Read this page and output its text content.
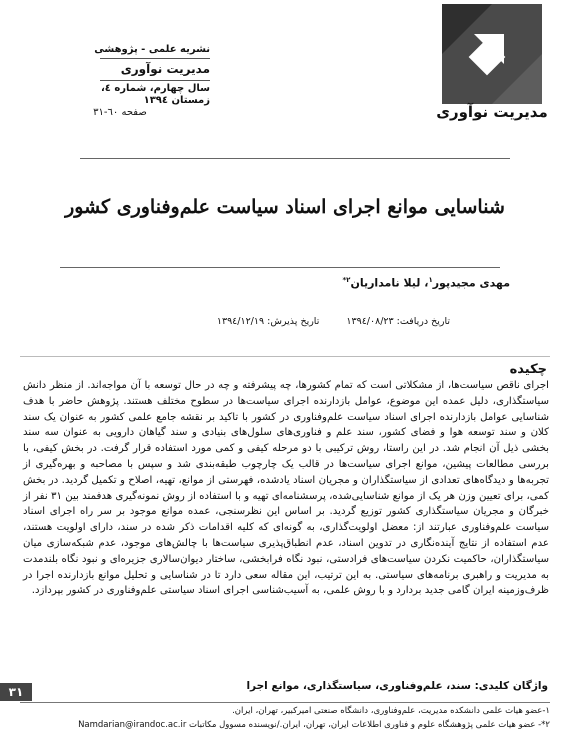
مدیریت نوآوری
نشریه علمی - پژوهشی
مدیریت نوآوری
سال چهارم، شماره ٤، زمستان ١٣٩٤
صفحه ٦٠-٣١
شناسایی موانع اجرای اسناد سیاست علم‌وفناوری کشور
مهدی مجیدپور$^۱$، لیلا نامداریان$^{۲*}$
تاریخ دریافت: ١٣٩٤/٠٨/٢٣ تاریخ پذیرش: ١٣٩٤/١٢/١٩
چکیده

اجرای ناقص سیاست‌ها، از مشکلاتی است که تمام کشورها، چه پیشرفته و چه در حال توسعه با آن مواجه‌اند. از منظر دانش سیاستگذاری، دلیل عمده این موضوع، عوامل بازدارنده اجرای سیاست‌ها در سطوح مختلف هستند. پژوهش حاضر با هدف شناسایی عوامل بازدارنده اجرای اسناد سیاست علم‌وفناوری در کشور با تاکید بر نقشه جامع علمی کشور به عنوان یک سند کلان و سند توسعه هوا و فضای کشور، سند علم و فناوری‌های سلول‌های بنیادی و سند گیاهان دارویی به عنوان سه سند بخشی ذیل آن انجام شد. در این راستا، روش ترکیبی با دو مرحله کیفی و کمی مورد استفاده قرار گرفت. در بخش کیفی، با بررسی مطالعات پیشین، موانع اجرای سیاست‌ها در قالب یک چارچوب طبقه‌بندی شد و سپس با مصاحبه و بهره‌گیری از تجربه‌ها و دیدگاه‌های تعدادی از سیاستگذاران و مجریان اسناد یادشده، فهرستی از موانع، تهیه، اصلاح و تکمیل گردید. در بخش کمی، برای تعیین وزن هر یک از موانع شناسایی‌شده، پرسشنامه‌ای تهیه و با استفاده از روش نمونه‌گیری هدفمند بین ٣١ نفر از خبرگان و مجریان سیاستگذاری کشور توزیع گردید. بر اساس این نظرسنجی، عمده موانع موجود بر سر راه اجرای اسناد سیاست علم‌وفناوری عبارتند از: معضل اولویت‌گذاری، به گونه‌ای که کلیه اقدامات ذکر شده در سند، دارای اولویت هستند، عدم استفاده از نتایج آینده‌نگاری در تدوین اسناد، عدم انطباق‌پذیری سیاست‌ها با چالش‌های موجود، عدم شبکه‌سازی میان سیاستگذاران، حاکمیت نکردن سیاست‌های فرادستی، نبود نگاه فرابخشی، ساختار دیوان‌سالاری جزیره‌ای و نبود نگاه بلندمدت به مدیریت و راهبری برنامه‌های سیاستی. به این ترتیب، این مقاله سعی دارد تا در شناسایی و تحلیل موانع بازدارنده اجرا در ظرف‌وزمینه ایران گامی جدید بردارد و با روش علمی، به آسیب‌شناسی اجرای اسناد سیاستی علم‌وفناوری در کشور بپردازد.

واژگان کلیدی: سند، علم‌وفناوری، سیاستگذاری، موانع اجرا
٣١
١-عضو هیات علمی دانشکده مدیریت، علم‌وفناوری، دانشگاه صنعتی امیرکبیر، تهران، ایران.
٢*- عضو هیات علمی پژوهشگاه علوم و فناوری اطلاعات ایران، تهران، ایران./نویسنده مسوول مکاتبات Namdarian@irandoc.ac.ir
